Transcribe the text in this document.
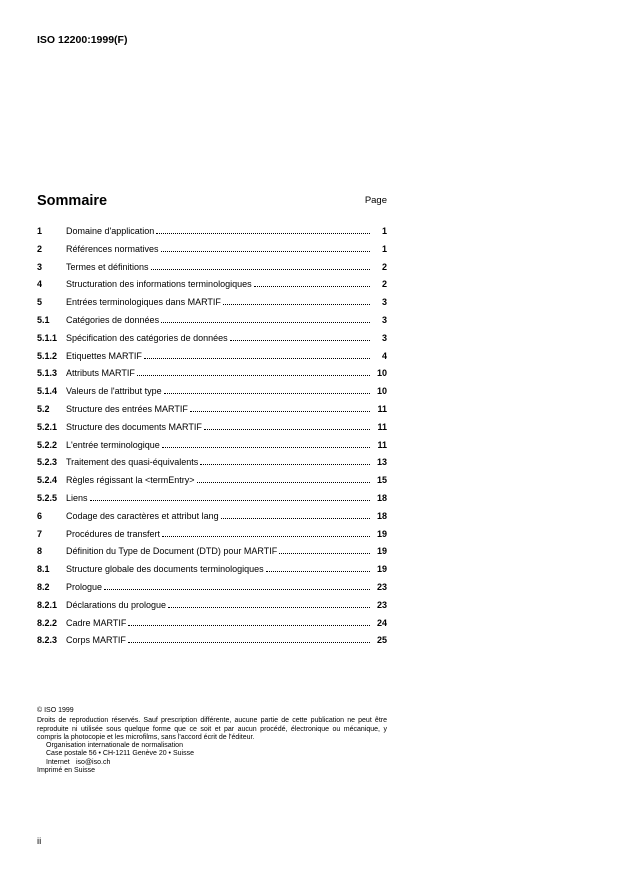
ISO 12200:1999(F)
Sommaire	Page
1	Domaine d'application	1
2	Références normatives	1
3	Termes et définitions	2
4	Structuration des informations terminologiques	2
5	Entrées terminologiques dans MARTIF	3
5.1	Catégories de données	3
5.1.1 Spécification des catégories de données	3
5.1.2 Etiquettes MARTIF	4
5.1.3 Attributs MARTIF	10
5.1.4 Valeurs de l'attribut type	10
5.2	Structure des entrées MARTIF	11
5.2.1 Structure des documents MARTIF	11
5.2.2 L'entrée terminologique	11
5.2.3 Traitement des quasi-équivalents	13
5.2.4 Règles régissant la <termEntry>	15
5.2.5 Liens	18
6	Codage des caractères et attribut lang	18
7	Procédures de transfert	19
8	Définition du Type de Document (DTD) pour MARTIF	19
8.1	Structure globale des documents terminologiques	19
8.2	Prologue	23
8.2.1 Déclarations du prologue	23
8.2.2 Cadre MARTIF	24
8.2.3 Corps MARTIF	25

© ISO 1999

Droits de reproduction réservés. Sauf prescription différente, aucune partie de cette publication ne peut être reproduite ni utilisée sous quelque forme que ce soit et par aucun procédé, électronique ou mécanique, y compris la photocopie et les microfilms, sans l'accord écrit de l'éditeur.

Organisation internationale de normalisation

Case postale 56 • CH-1211 Genève 20 • Suisse

Internet iso@iso.ch

Imprimé en Suisse

ii
